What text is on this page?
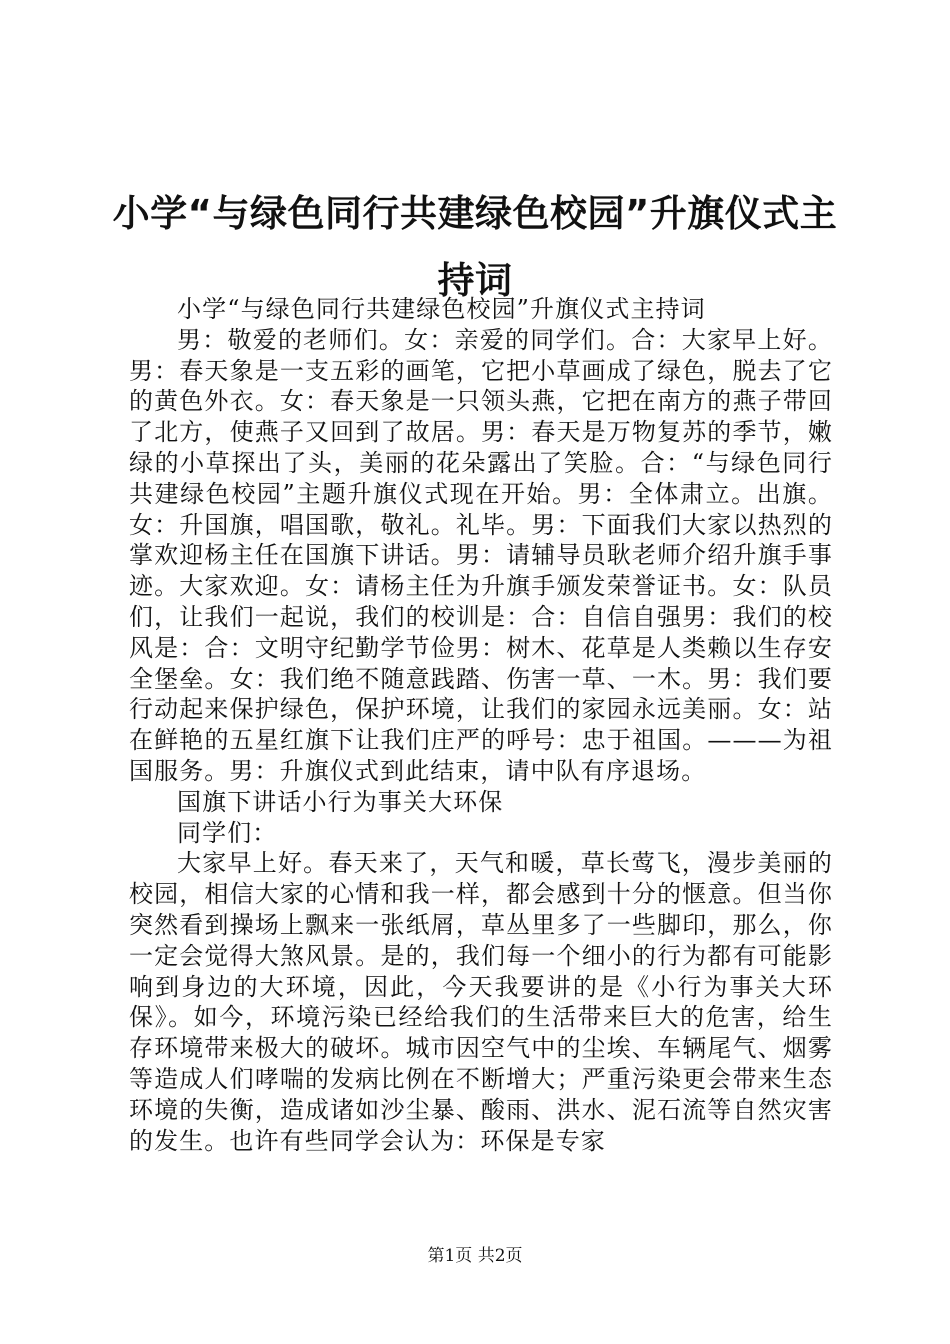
小学“与绿色同行共建绿色校园”升旗仪式主持词

小学“与绿色同行共建绿色校园”升旗仪式主持词

男：敬爱的老师们。女：亲爱的同学们。合：大家早上好。男：春天象是一支五彩的画笔，它把小草画成了绿色，脱去了它的黄色外衣。女：春天象是一只领头燕，它把在南方的燕子带回了北方，使燕子又回到了故居。男：春天是万物复苏的季节，嫩绿的小草探出了头，美丽的花朵露出了笑脸。合：“与绿色同行共建绿色校园”主题升旗仪式现在开始。男：全体肃立。出旗。女：升国旗，唱国歌，敬礼。礼毕。男：下面我们大家以热烈的掌欢迎杨主任在国旗下讲话。男：请辅导员耿老师介绍升旗手事迹。大家欢迎。女：请杨主任为升旗手颁发荣誉证书。女：队员们，让我们一起说，我们的校训是：合：自信自强男：我们的校风是：合：文明守纪勤学节俭男：树木、花草是人类赖以生存安全堡垒。女：我们绝不随意践踏、伤害一草、一木。男：我们要行动起来保护绿色，保护环境，让我们的家园永远美丽。女：站在鲜艳的五星红旗下让我们庄严的呼号：忠于祖国。———为祖国服务。男：升旗仪式到此结束，请中队有序退场。

国旗下讲话小行为事关大环保

同学们：

大家早上好。春天来了，天气和暖，草长莺飞，漫步美丽的校园，相信大家的心情和我一样，都会感到十分的惬意。但当你突然看到操场上飘来一张纸屑，草丛里多了一些脚印，那么，你一定会觉得大煞风景。是的，我们每一个细小的行为都有可能影响到身边的大环境，因此，今天我要讲的是《小行为事关大环保》。如今，环境污染已经给我们的生活带来巨大的危害，给生存环境带来极大的破坏。城市因空气中的尘埃、车辆尾气、烟雾等造成人们哮喘的发病比例在不断增大；严重污染更会带来生态环境的失衡，造成诸如沙尘暴、酸雨、洪水、泥石流等自然灾害的发生。也许有些同学会认为：环保是专家

第1页 共2页
